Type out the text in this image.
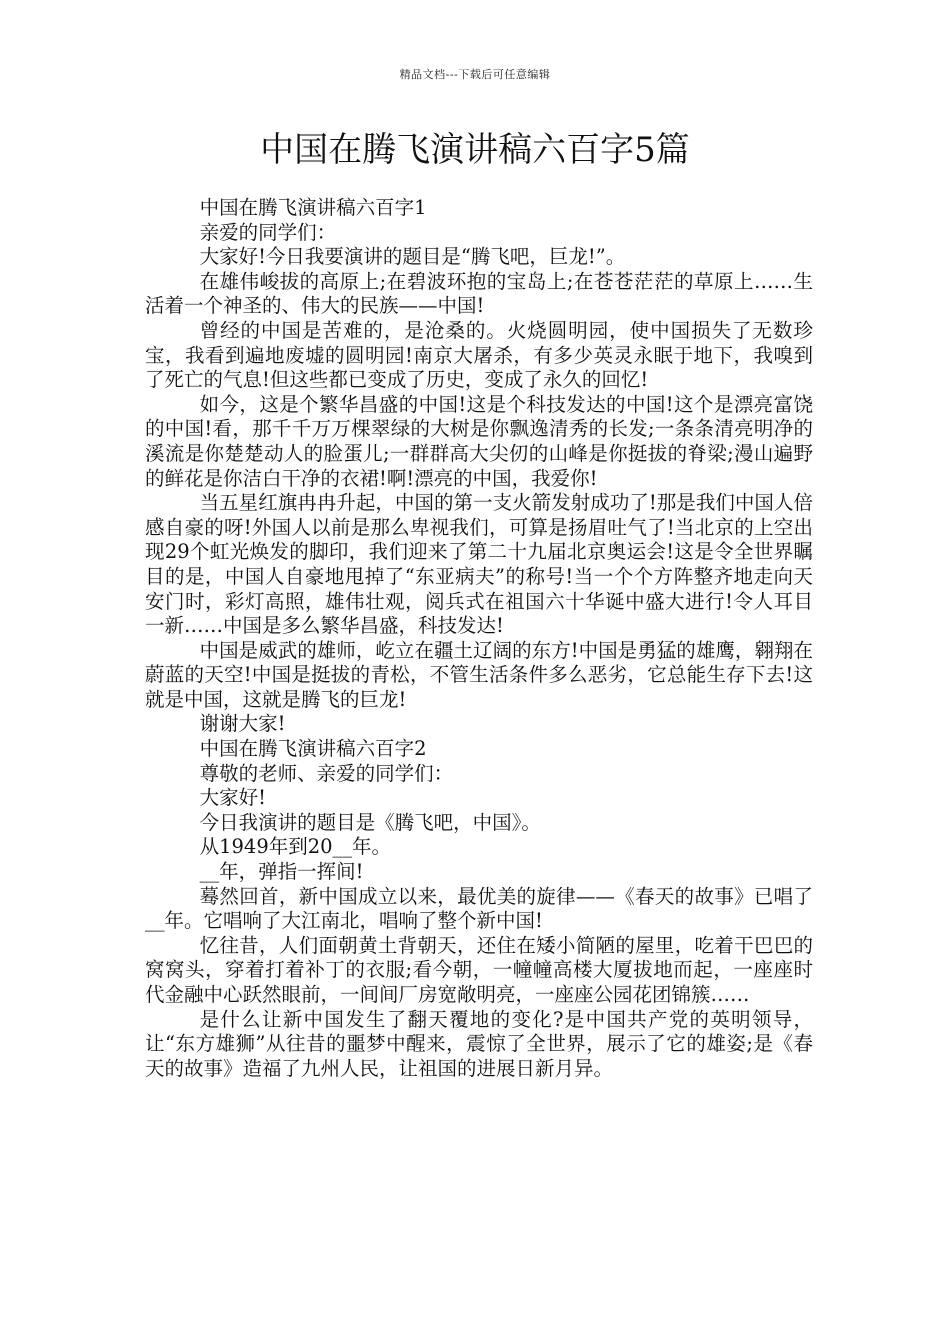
精品文档---下载后可任意编辑
中国在腾飞演讲稿六百字5篇

中国在腾飞演讲稿六百字1

亲爱的同学们：

大家好!今日我要演讲的题目是“腾飞吧，巨龙!”。

在雄伟峻拔的高原上;在碧波环抱的宝岛上;在苍苍茫茫的草原上……生活着一个神圣的、伟大的民族——中国!

曾经的中国是苦难的，是沧桑的。火烧圆明园，使中国损失了无数珍宝，我看到遍地废墟的圆明园!南京大屠杀，有多少英灵永眠于地下，我嗅到了死亡的气息!但这些都已变成了历史，变成了永久的回忆!

如今，这是个繁华昌盛的中国!这是个科技发达的中国!这个是漂亮富饶的中国!看，那千千万万棵翠绿的大树是你飘逸清秀的长发;一条条清亮明净的溪流是你楚楚动人的脸蛋儿;一群群高大尖仞的山峰是你挺拔的脊梁;漫山遍野的鲜花是你洁白干净的衣裙!啊!漂亮的中国，我爱你!

当五星红旗冉冉升起，中国的第一支火箭发射成功了!那是我们中国人倍感自豪的呀!外国人以前是那么卑视我们，可算是扬眉吐气了!当北京的上空出现29个虹光焕发的脚印，我们迎来了第二十九届北京奥运会!这是令全世界瞩目的是，中国人自豪地甩掉了“东亚病夫”的称号!当一个个方阵整齐地走向天安门时，彩灯高照，雄伟壮观，阅兵式在祖国六十华诞中盛大进行!令人耳目一新……中国是多么繁华昌盛，科技发达!

中国是威武的雄师，屹立在疆土辽阔的东方!中国是勇猛的雄鹰，翱翔在蔚蓝的天空!中国是挺拔的青松，不管生活条件多么恶劣，它总能生存下去!这就是中国，这就是腾飞的巨龙!

谢谢大家!

中国在腾飞演讲稿六百字2

尊敬的老师、亲爱的同学们：

大家好!

今日我演讲的题目是《腾飞吧，中国》。

从1949年到20__年。

__年，弹指一挥间!

蓦然回首，新中国成立以来，最优美的旋律——《春天的故事》已唱了__年。它唱响了大江南北，唱响了整个新中国!

忆往昔，人们面朝黄土背朝天，还住在矮小简陋的屋里，吃着干巴巴的窝窝头，穿着打着补丁的衣服;看今朝，一幢幢高楼大厦拔地而起，一座座时代金融中心跃然眼前，一间间厂房宽敞明亮，一座座公园花团锦簇……

是什么让新中国发生了翻天覆地的变化?是中国共产党的英明领导，让“东方雄狮”从往昔的噩梦中醒来，震惊了全世界，展示了它的雄姿;是《春天的故事》造福了九州人民，让祖国的进展日新月异。
